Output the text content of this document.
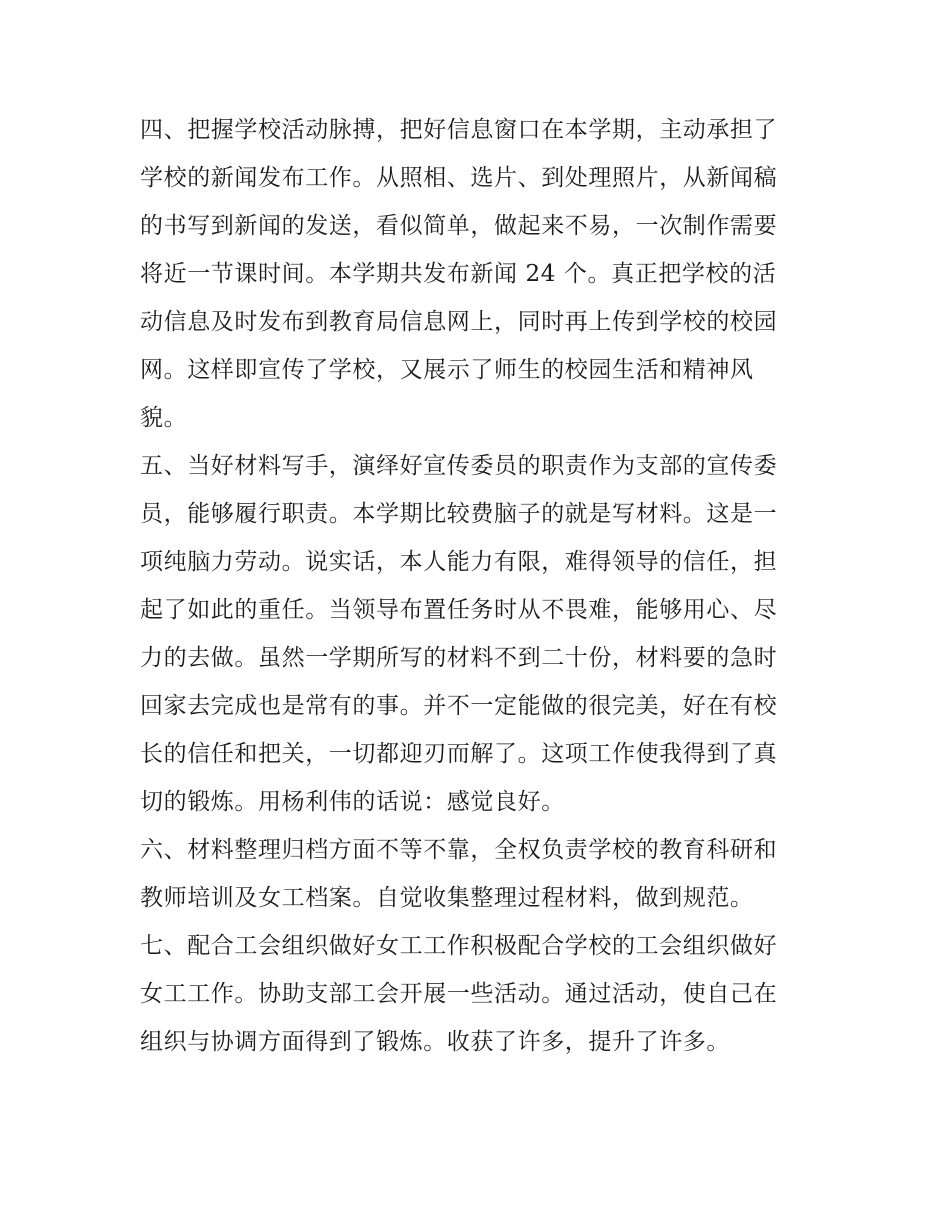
四、把握学校活动脉搏，把好信息窗口在本学期，主动承担了
学校的新闻发布工作。从照相、选片、到处理照片，从新闻稿
的书写到新闻的发送，看似简单，做起来不易，一次制作需要
将近一节课时间。本学期共发布新闻 24 个。真正把学校的活
动信息及时发布到教育局信息网上，同时再上传到学校的校园
网。这样即宣传了学校，又展示了师生的校园生活和精神风
貌。

五、当好材料写手，演绎好宣传委员的职责作为支部的宣传委
员，能够履行职责。本学期比较费脑子的就是写材料。这是一
项纯脑力劳动。说实话，本人能力有限，难得领导的信任，担
起了如此的重任。当领导布置任务时从不畏难，能够用心、尽
力的去做。虽然一学期所写的材料不到二十份，材料要的急时
回家去完成也是常有的事。并不一定能做的很完美，好在有校
长的信任和把关，一切都迎刃而解了。这项工作使我得到了真
切的锻炼。用杨利伟的话说：感觉良好。

六、材料整理归档方面不等不靠，全权负责学校的教育科研和
教师培训及女工档案。自觉收集整理过程材料，做到规范。

七、配合工会组织做好女工工作积极配合学校的工会组织做好
女工工作。协助支部工会开展一些活动。通过活动，使自己在
组织与协调方面得到了锻炼。收获了许多，提升了许多。
